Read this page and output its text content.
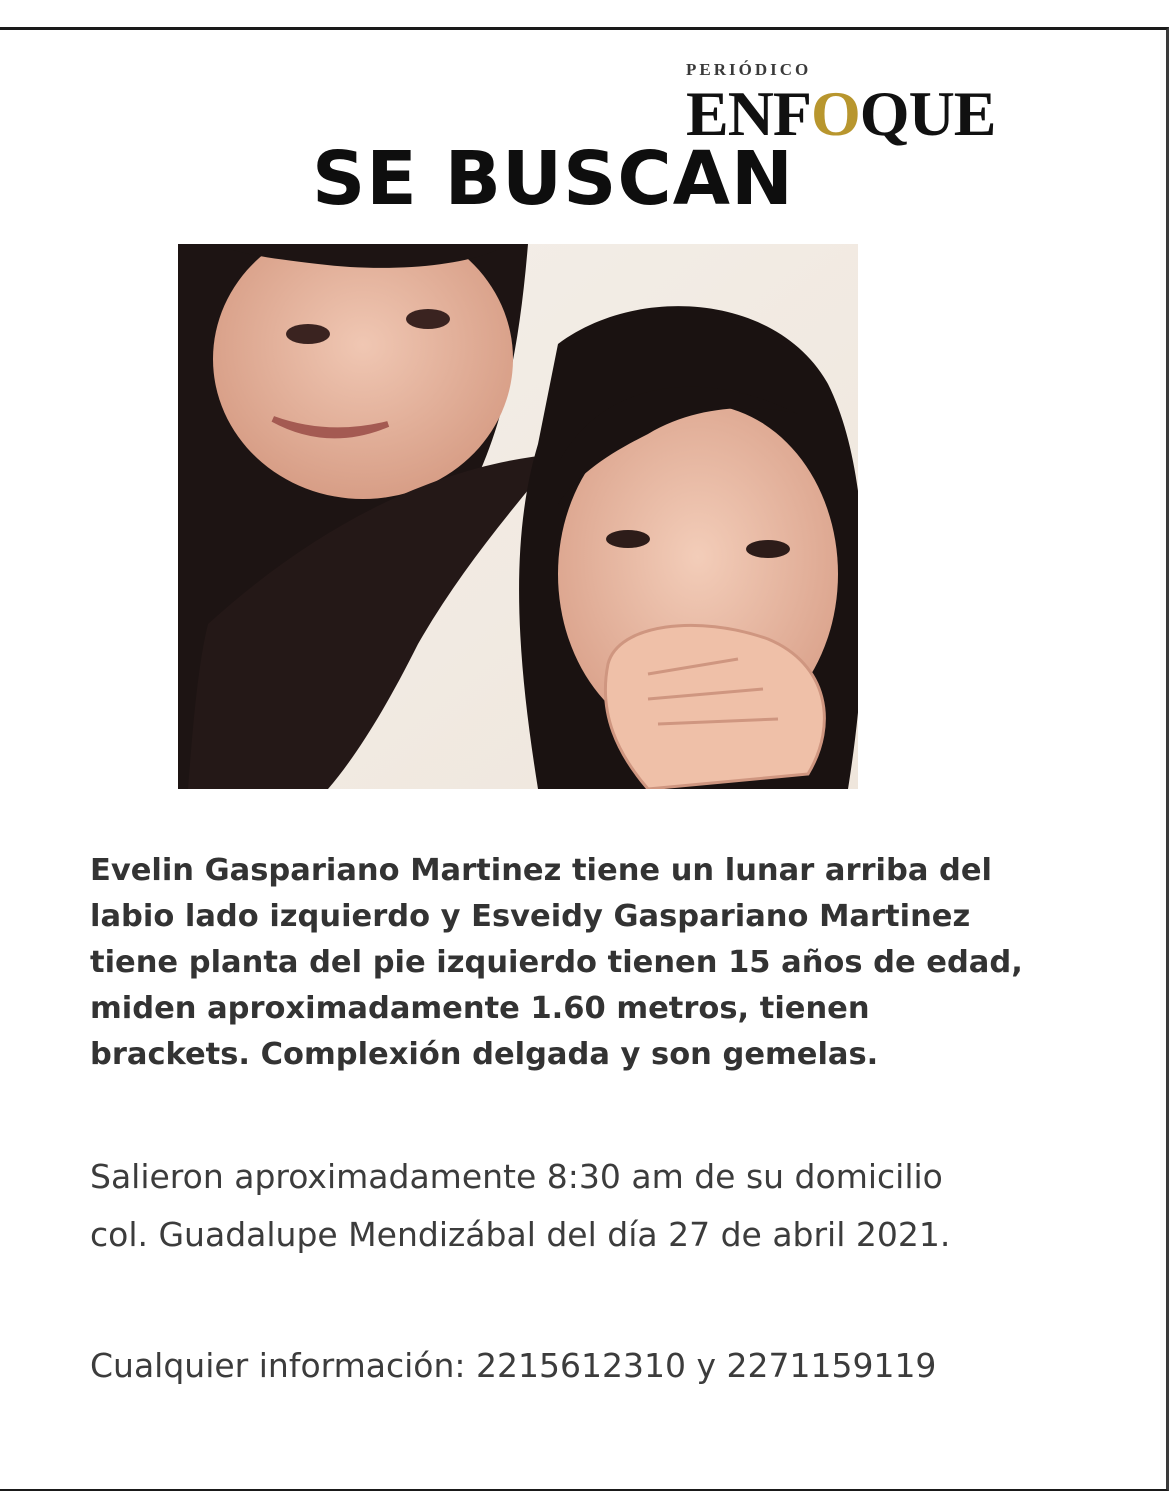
PERIÓDICO
ENFOQUE
SE BUSCAN
Evelin Gaspariano Martinez tiene un lunar arriba del labio lado izquierdo y Esveidy Gaspariano Martinez tiene planta del pie izquierdo tienen 15 años de edad, miden aproximadamente 1.60 metros, tienen brackets. Complexión delgada y son gemelas.
Salieron aproximadamente 8:30 am de su domicilio col. Guadalupe Mendizábal del día 27 de abril 2021.
Cualquier información: 2215612310 y 2271159119
